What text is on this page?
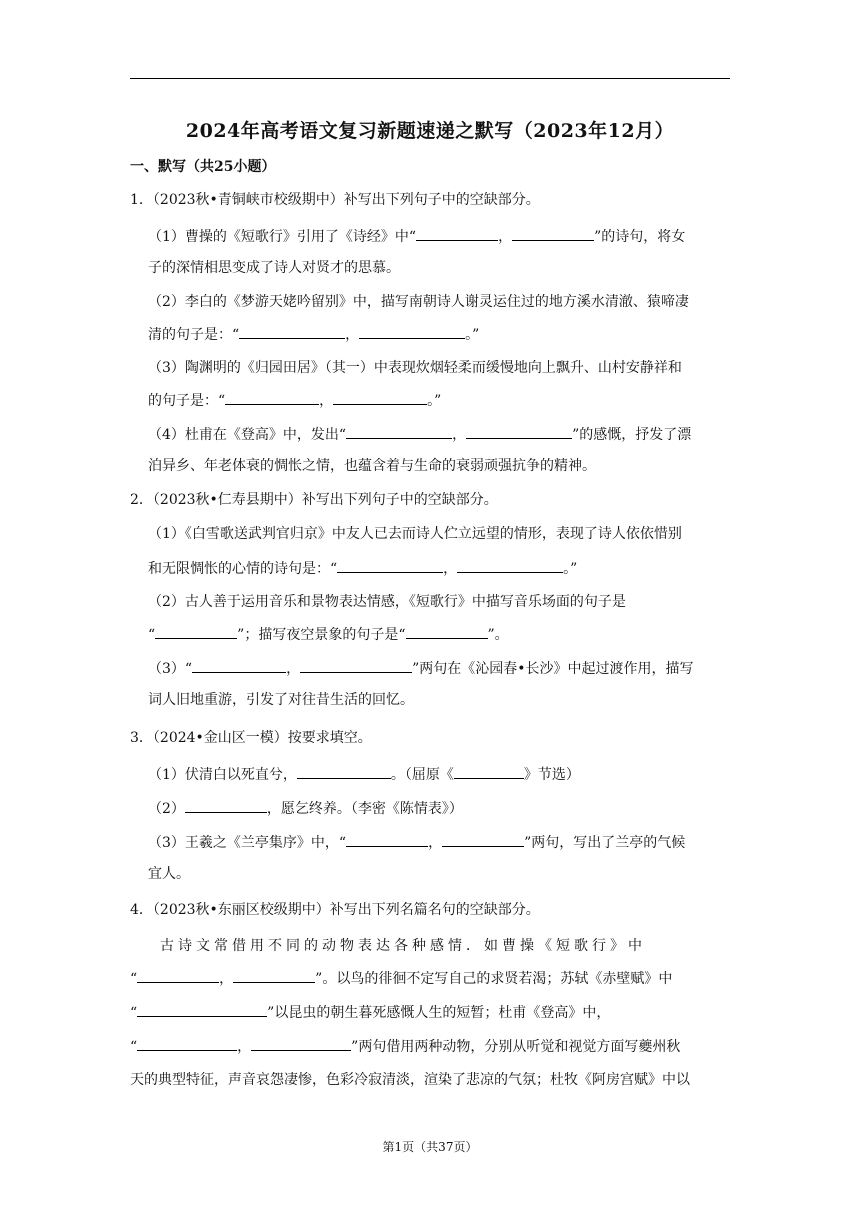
2024年高考语文复习新题速递之默写（2023年12月）
一、默写（共25小题）
1．（2023秋•青铜峡市校级期中）补写出下列句子中的空缺部分。
（1）曹操的《短歌行》引用了《诗经》中“	，	”的诗句，将女
子的深情相思变成了诗人对贤才的思慕。
（2）李白的《梦游天姥吟留别》中，描写南朝诗人谢灵运住过的地方溪水清澈、猿啼凄
清的句子是：“	，	。”
（3）陶渊明的《归园田居》（其一）中表现炊烟轻柔而缓慢地向上飘升、山村安静祥和
的句子是：“	，	。”
（4）杜甫在《登高》中，发出“	，	”的感慨，抒发了漂
泊异乡、年老体衰的惆怅之情，也蕴含着与生命的衰弱顽强抗争的精神。
2．（2023秋•仁寿县期中）补写出下列句子中的空缺部分。
（1）《白雪歌送武判官归京》中友人已去而诗人伫立远望的情形，表现了诗人依依惜别
和无限惆怅的心情的诗句是：“	，	。”
（2）古人善于运用音乐和景物表达情感，《短歌行》中描写音乐场面的句子是
“	”；描写夜空景象的句子是“	”。
（3）“	，	”两句在《沁园春•长沙》中起过渡作用，描写
词人旧地重游，引发了对往昔生活的回忆。
3．（2024•金山区一模）按要求填空。
（1）伏清白以死直兮，	。（屈原《	》节选）
（2）	，愿乞终养。（李密《陈情表》）
（3）王羲之《兰亭集序》中，“	，	”两句，写出了兰亭的气候
宜人。
4．（2023秋•东丽区校级期中）补写出下列名篇名句的空缺部分。
古诗文常借用不同的动物表达各种感情．如曹操《短歌行》中
“	，	”。以鸟的徘徊不定写自己的求贤若渴；苏轼《赤壁赋》中
“	”以昆虫的朝生暮死感慨人生的短暂；杜甫《登高》中，
“	，	”两句借用两种动物，分别从听觉和视觉方面写夔州秋
天的典型特征，声音哀怨凄惨，色彩冷寂清淡，渲染了悲凉的气氛；杜牧《阿房宫赋》中以
第1页（共37页）
